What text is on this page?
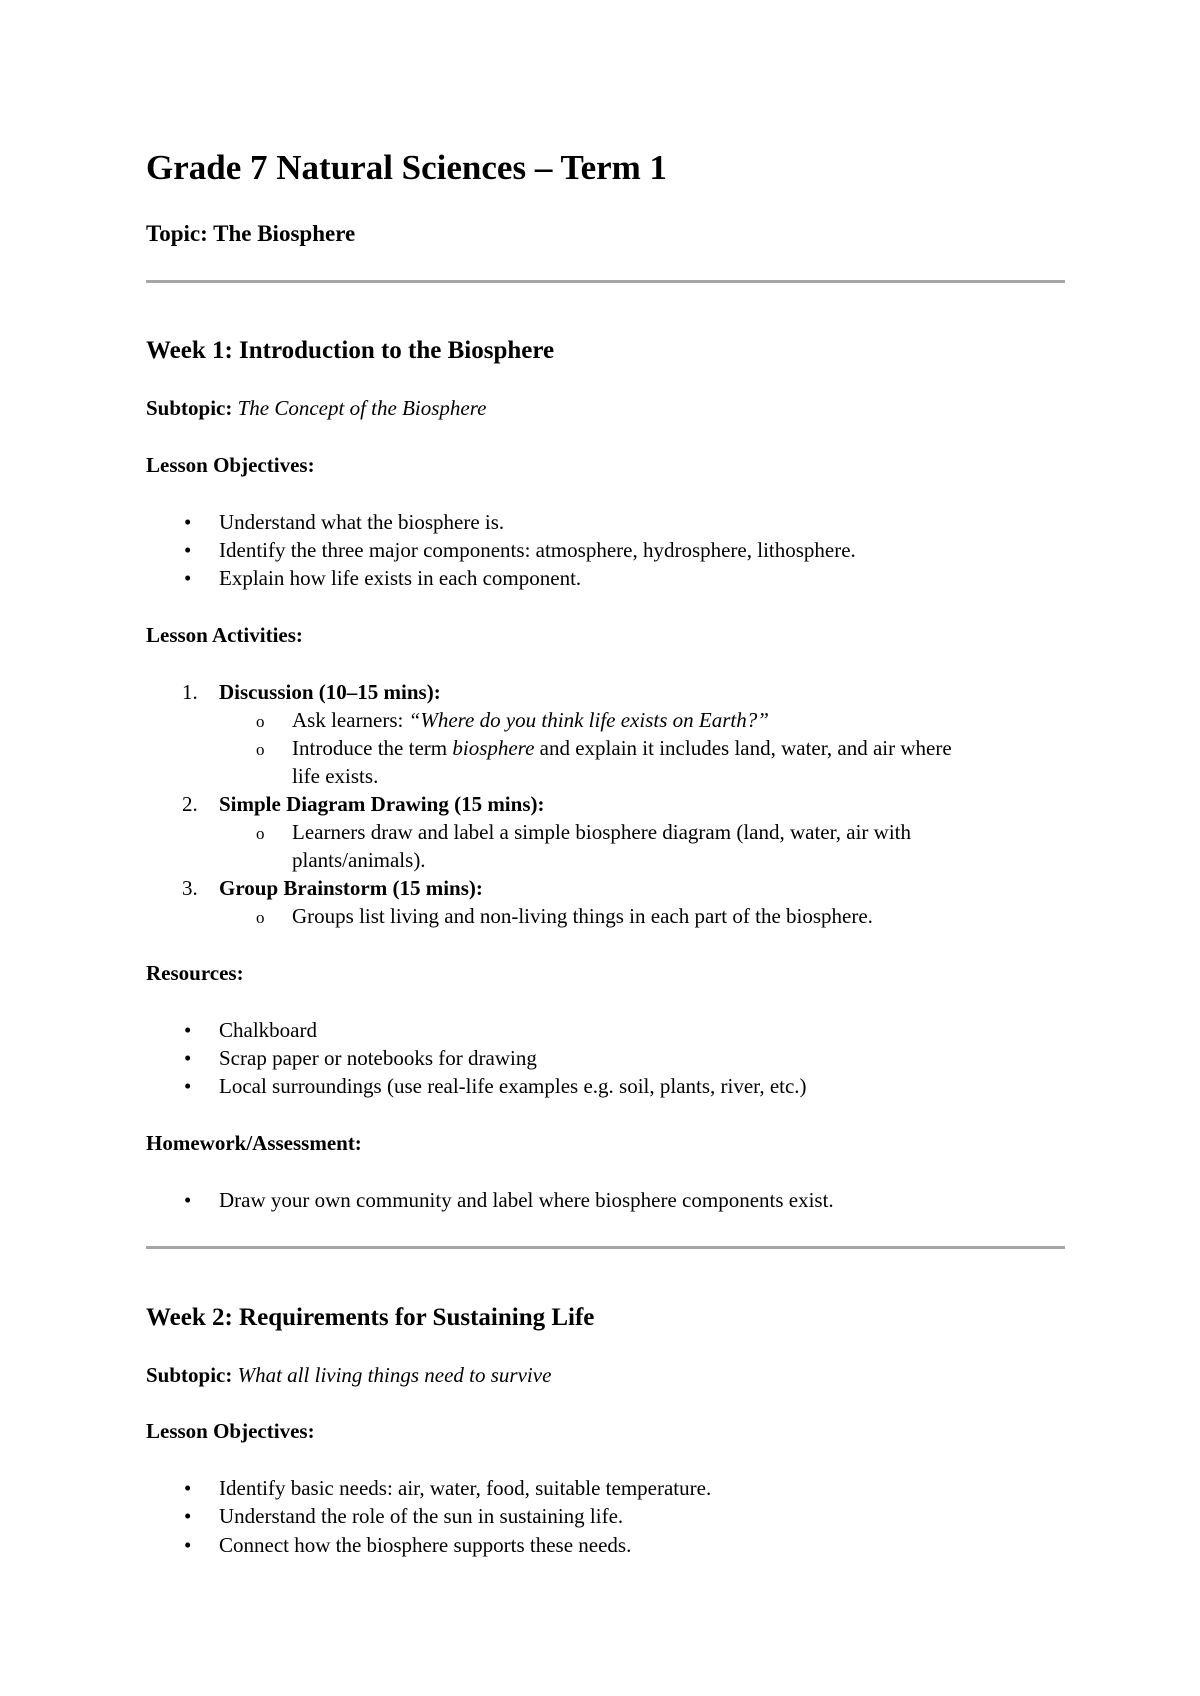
Grade 7 Natural Sciences – Term 1
Topic: The Biosphere
Week 1: Introduction to the Biosphere
Subtopic: The Concept of the Biosphere
Lesson Objectives:
• Understand what the biosphere is.
• Identify the three major components: atmosphere, hydrosphere, lithosphere.
• Explain how life exists in each component.
Lesson Activities:
1. Discussion (10–15 mins):
o Ask learners: “Where do you think life exists on Earth?”
o Introduce the term biosphere and explain it includes land, water, and air where
life exists.
2. Simple Diagram Drawing (15 mins):
o Learners draw and label a simple biosphere diagram (land, water, air with
plants/animals).
3. Group Brainstorm (15 mins):
o Groups list living and non-living things in each part of the biosphere.
Resources:
• Chalkboard
• Scrap paper or notebooks for drawing
• Local surroundings (use real-life examples e.g. soil, plants, river, etc.)
Homework/Assessment:
• Draw your own community and label where biosphere components exist.
Week 2: Requirements for Sustaining Life
Subtopic: What all living things need to survive
Lesson Objectives:
• Identify basic needs: air, water, food, suitable temperature.
• Understand the role of the sun in sustaining life.
• Connect how the biosphere supports these needs.
